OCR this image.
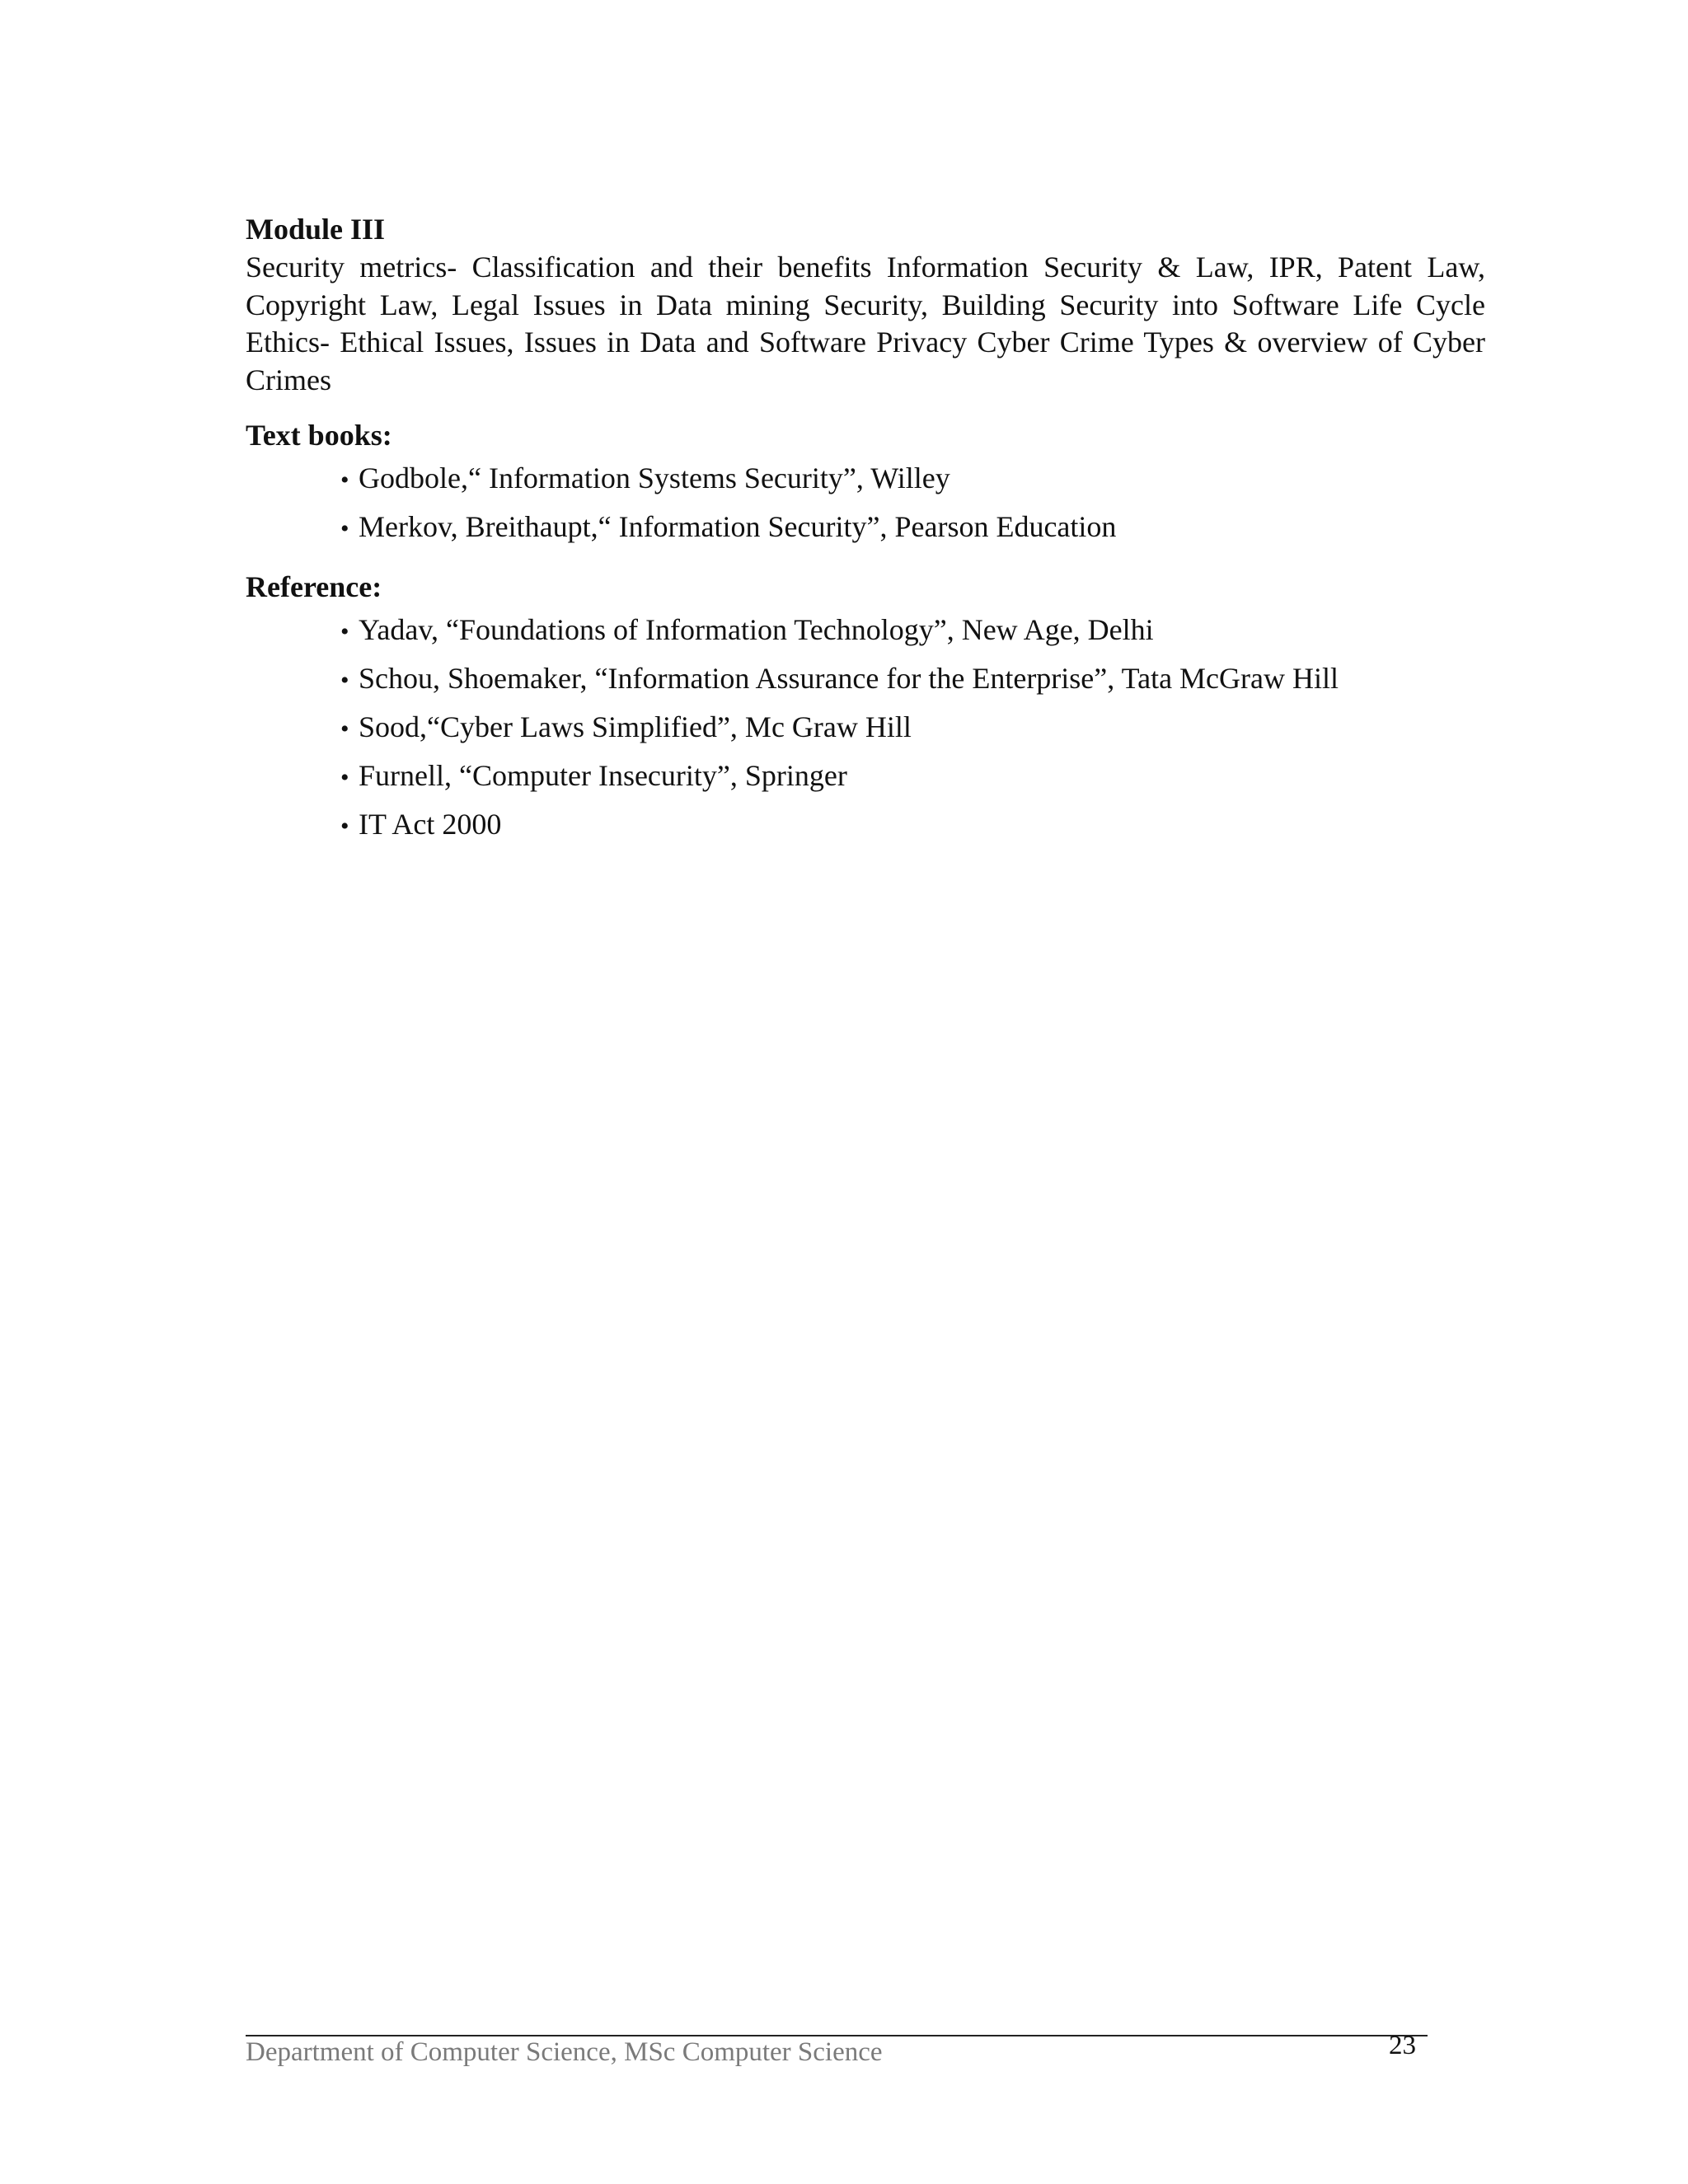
Module III

Security metrics- Classification and their benefits Information Security & Law, IPR, Patent Law, Copyright Law, Legal Issues in Data mining Security, Building Security into Software Life Cycle Ethics- Ethical Issues, Issues in Data and Software Privacy Cyber Crime Types & overview of Cyber Crimes

Text books:

• Godbole,“ Information Systems Security”, Willey
• Merkov, Breithaupt,“ Information Security”, Pearson Education

Reference:

• Yadav, “Foundations of Information Technology”, New Age, Delhi
• Schou, Shoemaker, “Information Assurance for the Enterprise”, Tata McGraw Hill
• Sood,“Cyber Laws Simplified”, Mc Graw Hill
• Furnell, “Computer Insecurity”, Springer
• IT Act 2000
Department of Computer Science, MSc Computer Science	23
